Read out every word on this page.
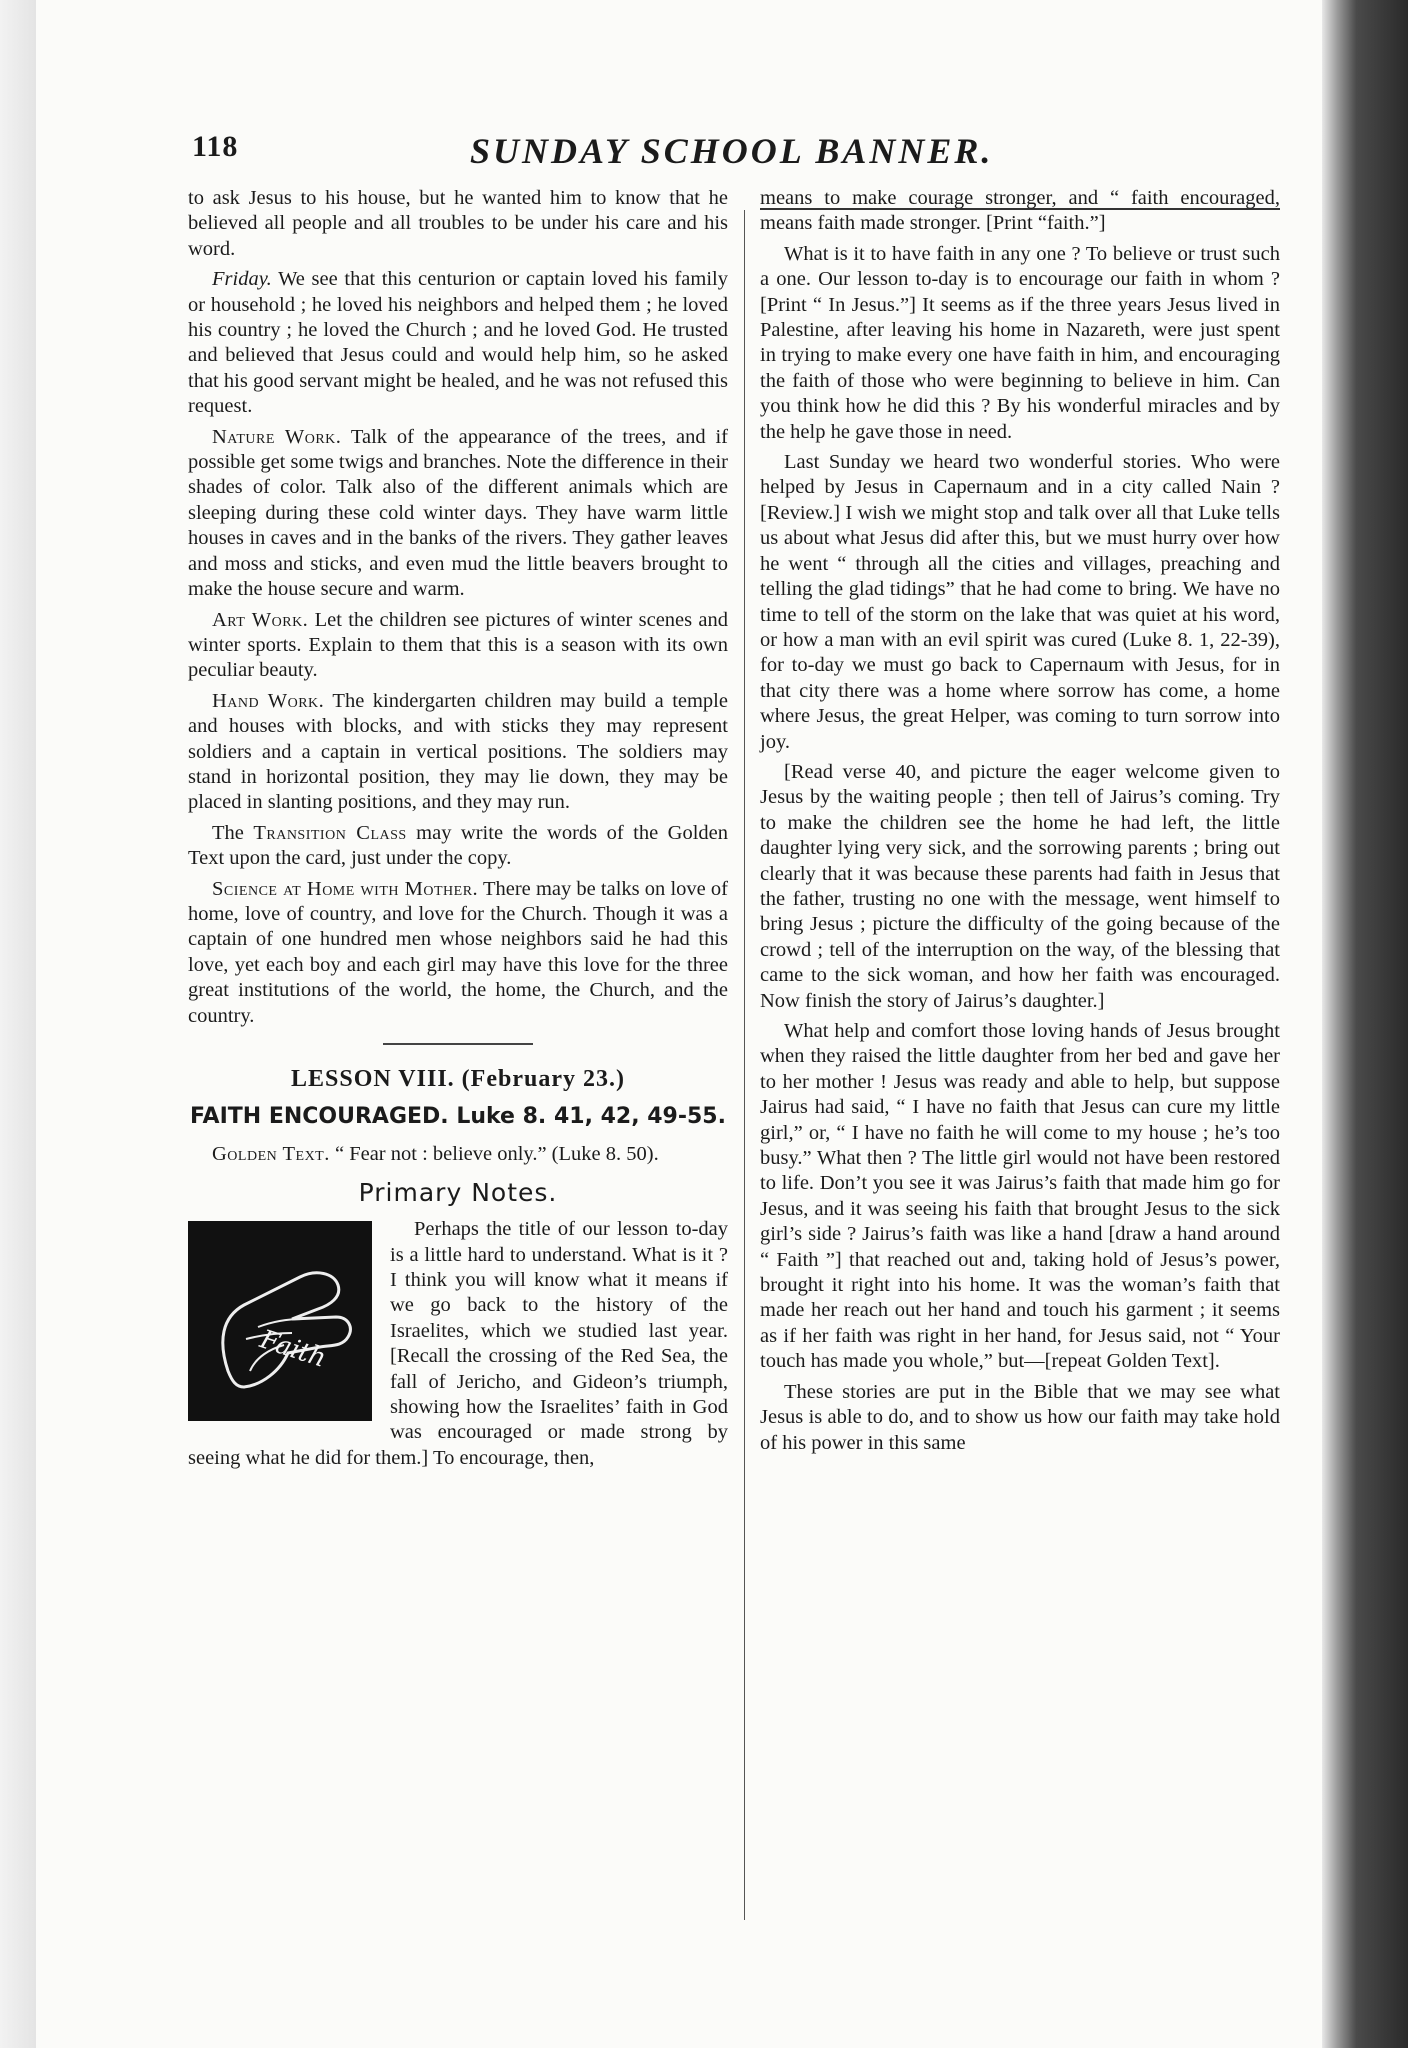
118	SUNDAY SCHOOL BANNER.

to ask Jesus to his house, but he wanted him to know that he believed all people and all troubles to be under his care and his word.

Friday. We see that this centurion or captain loved his family or household ; he loved his neighbors and helped them ; he loved his country ; he loved the Church ; and he loved God. He trusted and believed that Jesus could and would help him, so he asked that his good servant might be healed, and he was not refused this request.

Nature Work. Talk of the appearance of the trees, and if possible get some twigs and branches. Note the difference in their shades of color. Talk also of the different animals which are sleeping during these cold winter days. They have warm little houses in caves and in the banks of the rivers. They gather leaves and moss and sticks, and even mud the little beavers brought to make the house secure and warm.

Art Work. Let the children see pictures of winter scenes and winter sports. Explain to them that this is a season with its own peculiar beauty.

Hand Work. The kindergarten children may build a temple and houses with blocks, and with sticks they may represent soldiers and a captain in vertical positions. The soldiers may stand in horizontal position, they may lie down, they may be placed in slanting positions, and they may run.

The Transition Class may write the words of the Golden Text upon the card, just under the copy.

Science at Home with Mother. There may be talks on love of home, love of country, and love for the Church. Though it was a captain of one hundred men whose neighbors said he had this love, yet each boy and each girl may have this love for the three great institutions of the world, the home, the Church, and the country.

LESSON VIII. (February 23.)
FAITH ENCOURAGED. Luke 8. 41, 42, 49-55.

Golden Text. “ Fear not : believe only.” (Luke 8. 50).

Primary Notes.
Faith

Perhaps the title of our lesson to-day is a little hard to understand. What is it ? I think you will know what it means if we go back to the history of the Israelites, which we studied last year. [Recall the crossing of the Red Sea, the fall of Jericho, and Gideon’s triumph, showing how the Israelites’ faith in God was encouraged or made strong by seeing what he did for them.] To encourage, then,

means to make courage stronger, and “ faith encouraged, means faith made stronger. [Print “faith.”]

What is it to have faith in any one ? To believe or trust such a one. Our lesson to-day is to encourage our faith in whom ? [Print “ In Jesus.”] It seems as if the three years Jesus lived in Palestine, after leaving his home in Nazareth, were just spent in trying to make every one have faith in him, and encouraging the faith of those who were beginning to believe in him. Can you think how he did this ? By his wonderful miracles and by the help he gave those in need.

Last Sunday we heard two wonderful stories. Who were helped by Jesus in Capernaum and in a city called Nain ? [Review.] I wish we might stop and talk over all that Luke tells us about what Jesus did after this, but we must hurry over how he went “ through all the cities and villages, preaching and telling the glad tidings” that he had come to bring. We have no time to tell of the storm on the lake that was quiet at his word, or how a man with an evil spirit was cured (Luke 8. 1, 22-39), for to-day we must go back to Capernaum with Jesus, for in that city there was a home where sorrow has come, a home where Jesus, the great Helper, was coming to turn sorrow into joy.

[Read verse 40, and picture the eager welcome given to Jesus by the waiting people ; then tell of Jairus’s coming. Try to make the children see the home he had left, the little daughter lying very sick, and the sorrowing parents ; bring out clearly that it was because these parents had faith in Jesus that the father, trusting no one with the message, went himself to bring Jesus ; picture the difficulty of the going because of the crowd ; tell of the interruption on the way, of the blessing that came to the sick woman, and how her faith was encouraged. Now finish the story of Jairus’s daughter.]

What help and comfort those loving hands of Jesus brought when they raised the little daughter from her bed and gave her to her mother ! Jesus was ready and able to help, but suppose Jairus had said, “ I have no faith that Jesus can cure my little girl,” or, “ I have no faith he will come to my house ; he’s too busy.” What then ? The little girl would not have been restored to life. Don’t you see it was Jairus’s faith that made him go for Jesus, and it was seeing his faith that brought Jesus to the sick girl’s side ? Jairus’s faith was like a hand [draw a hand around “ Faith ”] that reached out and, taking hold of Jesus’s power, brought it right into his home. It was the woman’s faith that made her reach out her hand and touch his garment ; it seems as if her faith was right in her hand, for Jesus said, not “ Your touch has made you whole,” but—[repeat Golden Text].

These stories are put in the Bible that we may see what Jesus is able to do, and to show us how our faith may take hold of his power in this same
